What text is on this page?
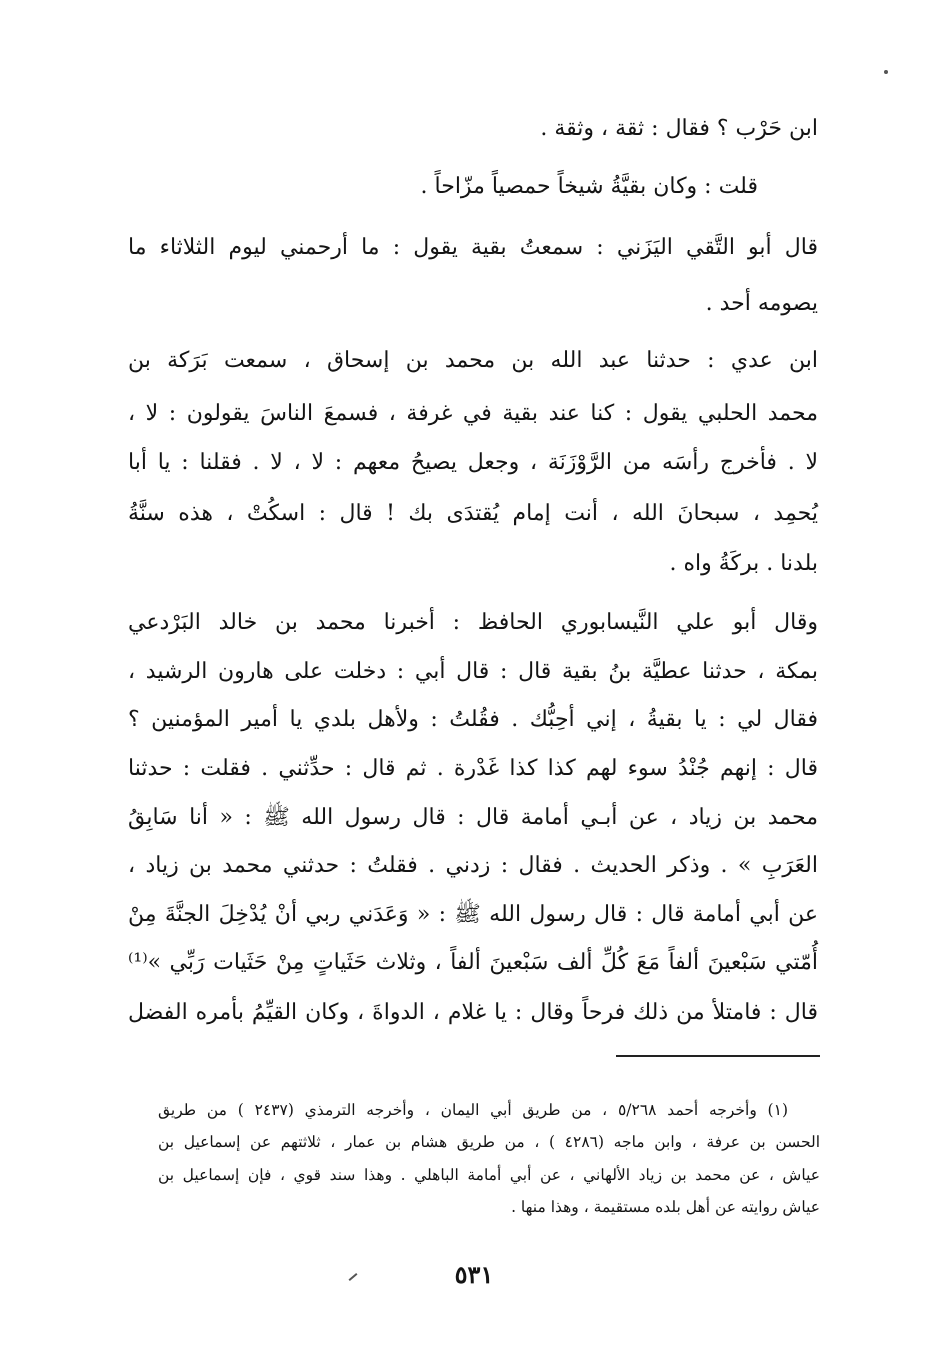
ابن حَرْب ؟ فقال : ثقة ، وثقة .
قلت : وكان بقيَّةُ شيخاً حمصياً مزّاحاً .
قال أبو التَّقي اليَزَني : سمعتُ بقية يقول : ما أرحمني ليوم الثلاثاء ما
يصومه أحد .
ابن عدي : حدثنا عبد الله بن محمد بن إسحاق ، سمعت بَرَكة بن
محمد الحلبي يقول : كنا عند بقية في غرفة ، فسمعَ الناسَ يقولون : لا ،
لا . فأخرج رأسَه من الرَّوْزَنَة ، وجعل يصيحُ معهم : لا ، لا . فقلنا : يا أبا
يُحمِد ، سبحانَ الله ، أنت إمام يُقتدَى بك ! قال : اسكُتْ ، هذه سنَّةُ
بلدنا . بركَةُ واه .
وقال أبو علي النَّيسابوري الحافظ : أخبرنا محمد بن خالد البَرْدعي
بمكة ، حدثنا عطيَّة بنُ بقية قال : قال أبي : دخلت على هارون الرشيد ،
فقال لي : يا بقيةُ ، إني أحِبُّك . فقُلتُ : ولأهل بلدي يا أمير المؤمنين ؟
قال : إنهم جُنْدُ سوء لهم كذا كذا غَدْرة . ثم قال : حدِّثني . فقلت : حدثنا
محمد بن زياد ، عن أبـي أمامة قال : قال رسول الله ﷺ : « أنا سَابِقُ
العَرَبِ » . وذكر الحديث . فقال : زدني . فقلتُ : حدثني محمد بن زياد ،
عن أبي أمامة قال : قال رسول الله ﷺ : « وَعَدَني ربي أنْ يُدْخِلَ الجنَّةَ مِنْ
أُمّتي سَبْعينَ ألفاً مَعَ كُلِّ ألف سَبْعينَ ألفاً ، وثلاث حَثَياتٍ مِنْ حَثَيات رَبِّي »⁽¹⁾
قال : فامتلأ من ذلك فرحاً وقال : يا غلام ، الدواةَ ، وكان القيِّمُ بأمره الفضل
(١) وأخرجه أحمد ٥/٢٦٨ ، من طريق أبي اليمان ، وأخرجه الترمذي (٢٤٣٧ ) من طريق
الحسن بن عرفة ، وابن ماجه (٤٢٨٦ ) ، من طريق هشام بن عمار ، ثلاثتهم عن إسماعيل بن
عياش ، عن محمد بن زياد الألهاني ، عن أبي أمامة الباهلي . وهذا سند قوي ، فإن إسماعيل بن
عياش روايته عن أهل بلده مستقيمة ، وهذا منها .
٥٣١
